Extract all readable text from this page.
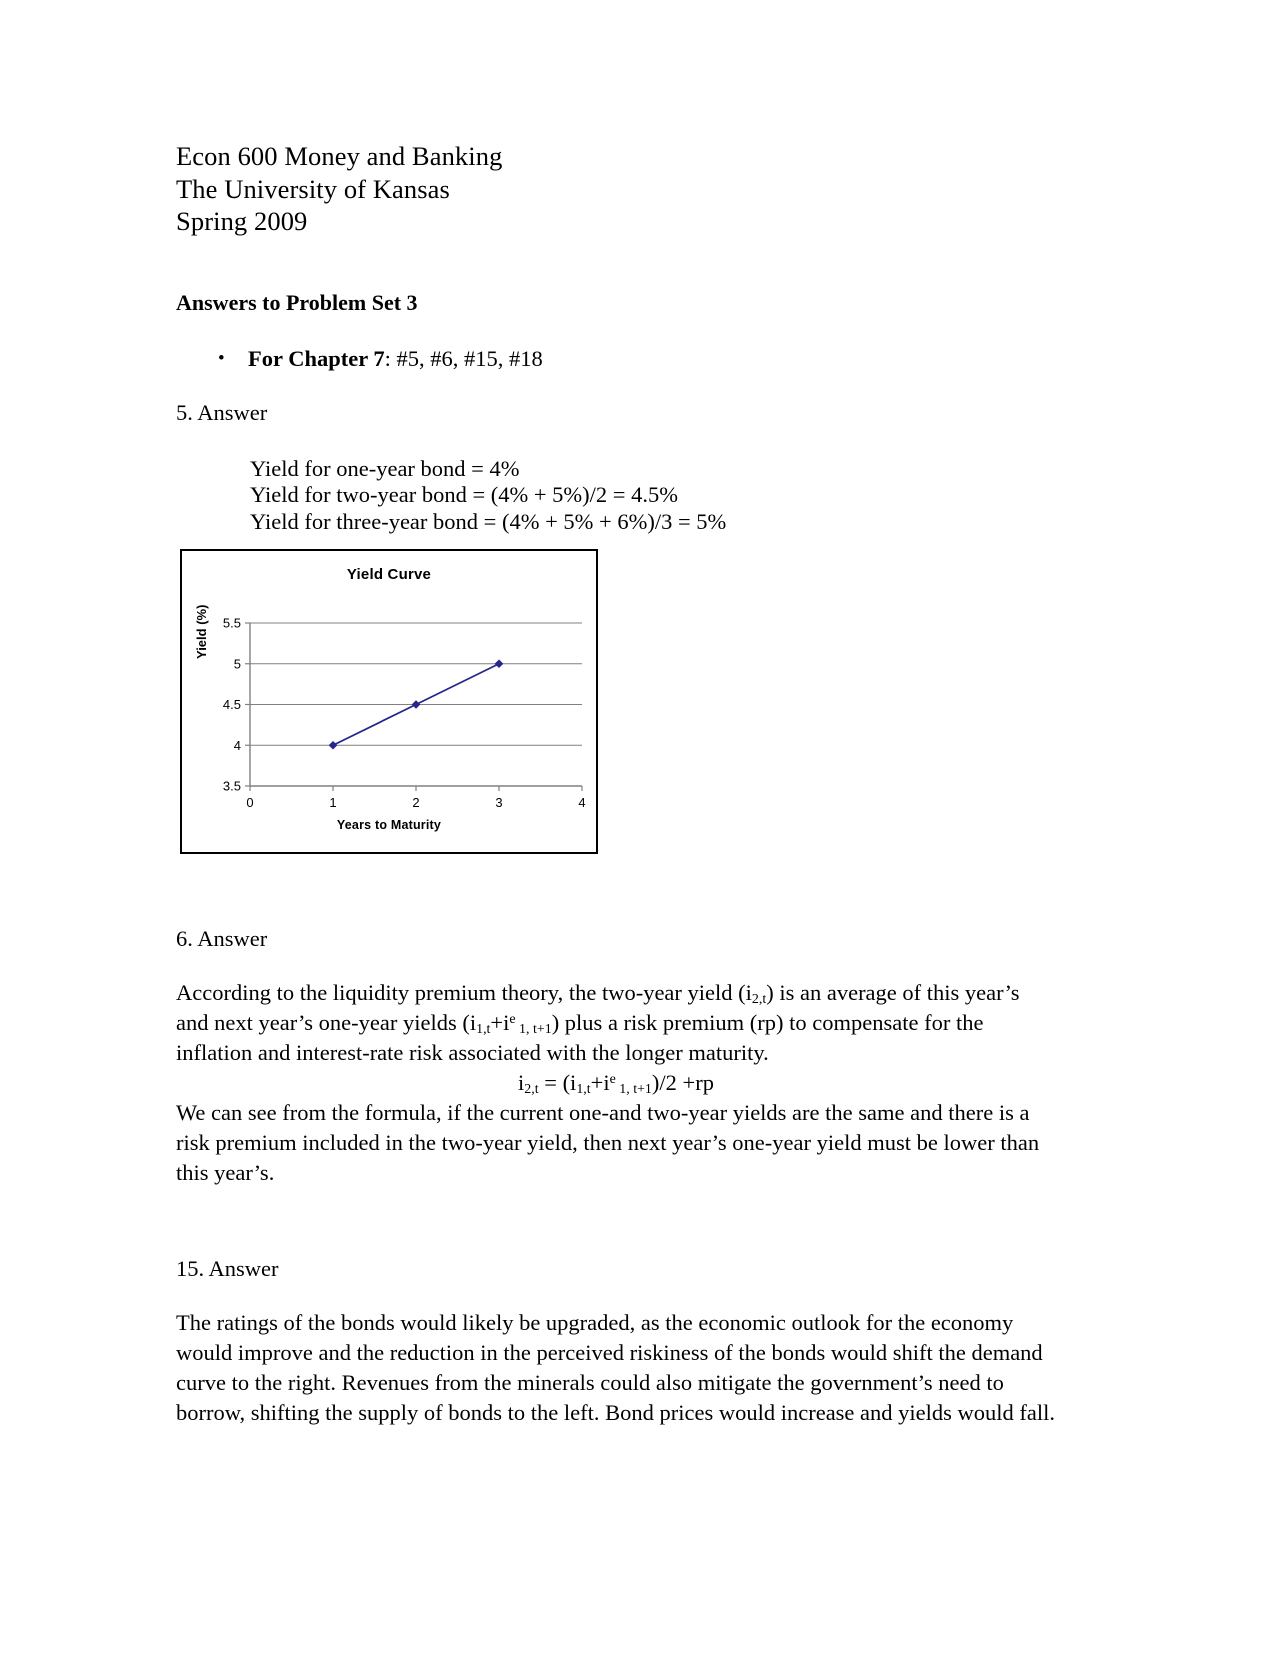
Econ 600 Money and Banking
The University of Kansas
Spring 2009
Answers to Problem Set 3
•	For Chapter 7: #5, #6, #15, #18
5. Answer
Yield for one-year bond = 4%
Yield for two-year bond = (4% + 5%)/2 = 4.5%
Yield for three-year bond = (4% + 5% + 6%)/3 = 5%
Yield Curve
Yield (%)
Years to Maturity
3.5
4
4.5
5
5.5
0	1	2	3	4
6. Answer
According to the liquidity premium theory, the two-year yield $(i_{2,t})$ is an average of this year’s and next year’s one-year yields ($i_{1,t}+i^e$ $_{1, t+1}$) plus a risk premium (rp) to compensate for the inflation and interest-rate risk associated with the longer maturity.
$i_{2,t} = (i_{1,t}+i^e$ $_{1, t+1}$)/2 +rp
We can see from the formula, if the current one-and two-year yields are the same and there is a risk premium included in the two-year yield, then next year’s one-year yield must be lower than this year’s.
15. Answer
The ratings of the bonds would likely be upgraded, as the economic outlook for the economy would improve and the reduction in the perceived riskiness of the bonds would shift the demand curve to the right. Revenues from the minerals could also mitigate the government’s need to borrow, shifting the supply of bonds to the left. Bond prices would increase and yields would fall.
